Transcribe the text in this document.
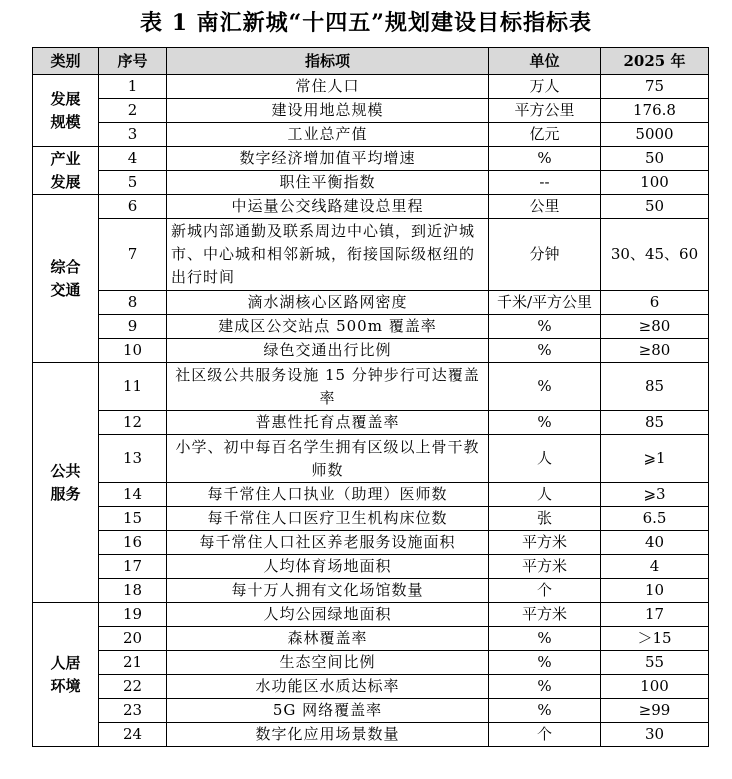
表 1 南汇新城“十四五”规划建设目标指标表
类别	序号	指标项	单位	2025 年
发展
规模	1	常住人口	万人	75
	2	建设用地总规模	平方公里	176.8
	3	工业总产值	亿元	5000
产业
发展	4	数字经济增加值平均增速	%	50
	5	职住平衡指数	--	100
综合
交通	6	中运量公交线路建设总里程	公里	50
	7	新城内部通勤及联系周边中心镇，到近沪城市、中心城和相邻新城，衔接国际级枢纽的出行时间	分钟	30、45、60
	8	滴水湖核心区路网密度	千米/平方公里	6
	9	建成区公交站点 500m 覆盖率	%	≥80
	10	绿色交通出行比例	%	≥80
公共
服务	11	社区级公共服务设施 15 分钟步行可达覆盖率	%	85
	12	普惠性托育点覆盖率	%	85
	13	小学、初中每百名学生拥有区级以上骨干教师数	人	⩾1
	14	每千常住人口执业（助理）医师数	人	⩾3
	15	每千常住人口医疗卫生机构床位数	张	6.5
	16	每千常住人口社区养老服务设施面积	平方米	40
	17	人均体育场地面积	平方米	4
	18	每十万人拥有文化场馆数量	个	10
人居
环境	19	人均公园绿地面积	平方米	17
	20	森林覆盖率	%	＞15
	21	生态空间比例	%	55
	22	水功能区水质达标率	%	100
	23	5G 网络覆盖率	%	≥99
	24	数字化应用场景数量	个	30
